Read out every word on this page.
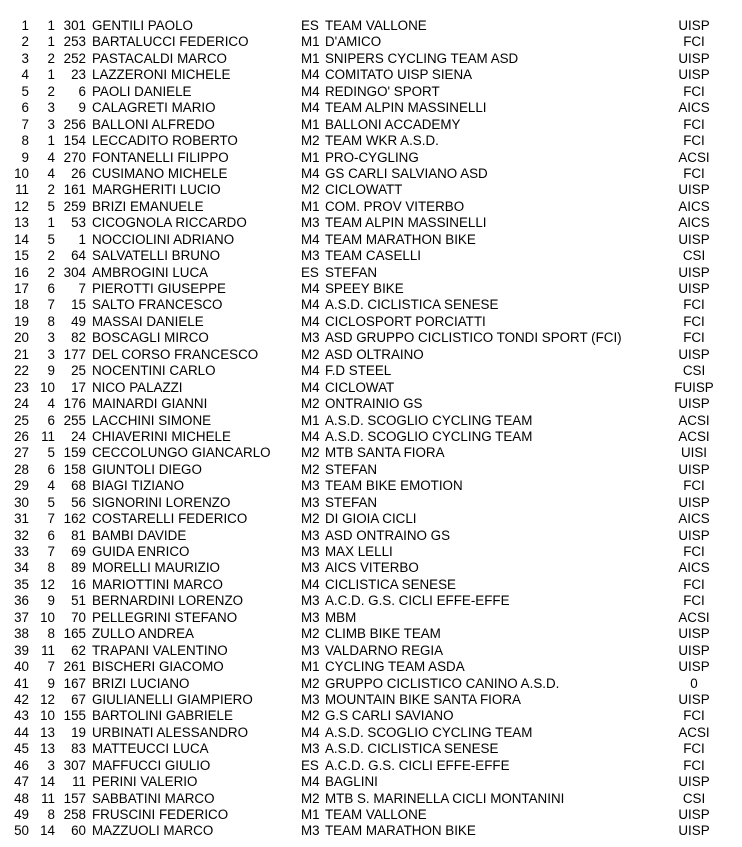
1 1 301 GENTILI PAOLO	ES TEAM VALLONE	UISP
2 1 253 BARTALUCCI FEDERICO	M1 D'AMICO	FCI
3 2 252 PASTACALDI MARCO	M1 SNIPERS CYCLING TEAM ASD	UISP
4 1 23 LAZZERONI MICHELE	M4 COMITATO UISP SIENA	UISP
5 2 6 PAOLI DANIELE	M4 REDINGO' SPORT	FCI
6 3 9 CALAGRETI MARIO	M4 TEAM ALPIN MASSINELLI	AICS
7 3 256 BALLONI ALFREDO	M1 BALLONI ACCADEMY	FCI
8 1 154 LECCADITO ROBERTO	M2 TEAM WKR A.S.D.	FCI
9 4 270 FONTANELLI FILIPPO	M1 PRO-CYGLING	ACSI
10 4 26 CUSIMANO MICHELE	M4 GS CARLI SALVIANO ASD	FCI
11 2 161 MARGHERITI LUCIO	M2 CICLOWATT	UISP
12 5 259 BRIZI EMANUELE	M1 COM. PROV VITERBO	AICS
13 1 53 CICOGNOLA RICCARDO	M3 TEAM ALPIN MASSINELLI	AICS
14 5 1 NOCCIOLINI ADRIANO	M4 TEAM MARATHON BIKE	UISP
15 2 64 SALVATELLI BRUNO	M3 TEAM CASELLI	CSI
16 2 304 AMBROGINI LUCA	ES STEFAN	UISP
17 6 7 PIEROTTI GIUSEPPE	M4 SPEEY BIKE	UISP
18 7 15 SALTO FRANCESCO	M4 A.S.D. CICLISTICA SENESE	FCI
19 8 49 MASSAI DANIELE	M4 CICLOSPORT PORCIATTI	FCI
20 3 82 BOSCAGLI MIRCO	M3 ASD GRUPPO CICLISTICO TONDI SPORT (FCI)	FCI
21 3 177 DEL CORSO FRANCESCO	M2 ASD OLTRAINO	UISP
22 9 25 NOCENTINI CARLO	M4 F.D STEEL	CSI
23 10 17 NICO PALAZZI	M4 CICLOWAT	FUISP
24 4 176 MAINARDI GIANNI	M2 ONTRAINIO GS	UISP
25 6 255 LACCHINI SIMONE	M1 A.S.D. SCOGLIO CYCLING TEAM	ACSI
26 11 24 CHIAVERINI MICHELE	M4 A.S.D. SCOGLIO CYCLING TEAM	ACSI
27 5 159 CECCOLUNGO GIANCARLO M2 MTB SANTA FIORA	UISI
28 6 158 GIUNTOLI DIEGO	M2 STEFAN	UISP
29 4 68 BIAGI TIZIANO	M3 TEAM BIKE EMOTION	FCI
30 5 56 SIGNORINI LORENZO	M3 STEFAN	UISP
31 7 162 COSTARELLI FEDERICO	M2 DI GIOIA CICLI	AICS
32 6 81 BAMBI DAVIDE	M3 ASD ONTRAINO GS	UISP
33 7 69 GUIDA ENRICO	M3 MAX LELLI	FCI
34 8 89 MORELLI MAURIZIO	M3 AICS VITERBO	AICS
35 12 16 MARIOTTINI MARCO	M4 CICLISTICA SENESE	FCI
36 9 51 BERNARDINI LORENZO	M3 A.C.D. G.S. CICLI EFFE-EFFE	FCI
37 10 70 PELLEGRINI STEFANO	M3 MBM	ACSI
38 8 165 ZULLO ANDREA	M2 CLIMB BIKE TEAM	UISP
39 11 62 TRAPANI VALENTINO	M3 VALDARNO REGIA	UISP
40 7 261 BISCHERI GIACOMO	M1 CYCLING TEAM ASDA	UISP
41 9 167 BRIZI LUCIANO	M2 GRUPPO CICLISTICO CANINO A.S.D.	0
42 12 67 GIULIANELLI GIAMPIERO	M3 MOUNTAIN BIKE SANTA FIORA	UISP
43 10 155 BARTOLINI GABRIELE	M2 G.S CARLI SAVIANO	FCI
44 13 19 URBINATI ALESSANDRO	M4 A.S.D. SCOGLIO CYCLING TEAM	ACSI
45 13 83 MATTEUCCI LUCA	M3 A.S.D. CICLISTICA SENESE	FCI
46 3 307 MAFFUCCI GIULIO	ES A.C.D. G.S. CICLI EFFE-EFFE	FCI
47 14 11 PERINI VALERIO	M4 BAGLINI	UISP
48 11 157 SABBATINI MARCO	M2 MTB S. MARINELLA CICLI MONTANINI	CSI
49 8 258 FRUSCINI FEDERICO	M1 TEAM VALLONE	UISP
50 14 60 MAZZUOLI MARCO	M3 TEAM MARATHON BIKE	UISP
